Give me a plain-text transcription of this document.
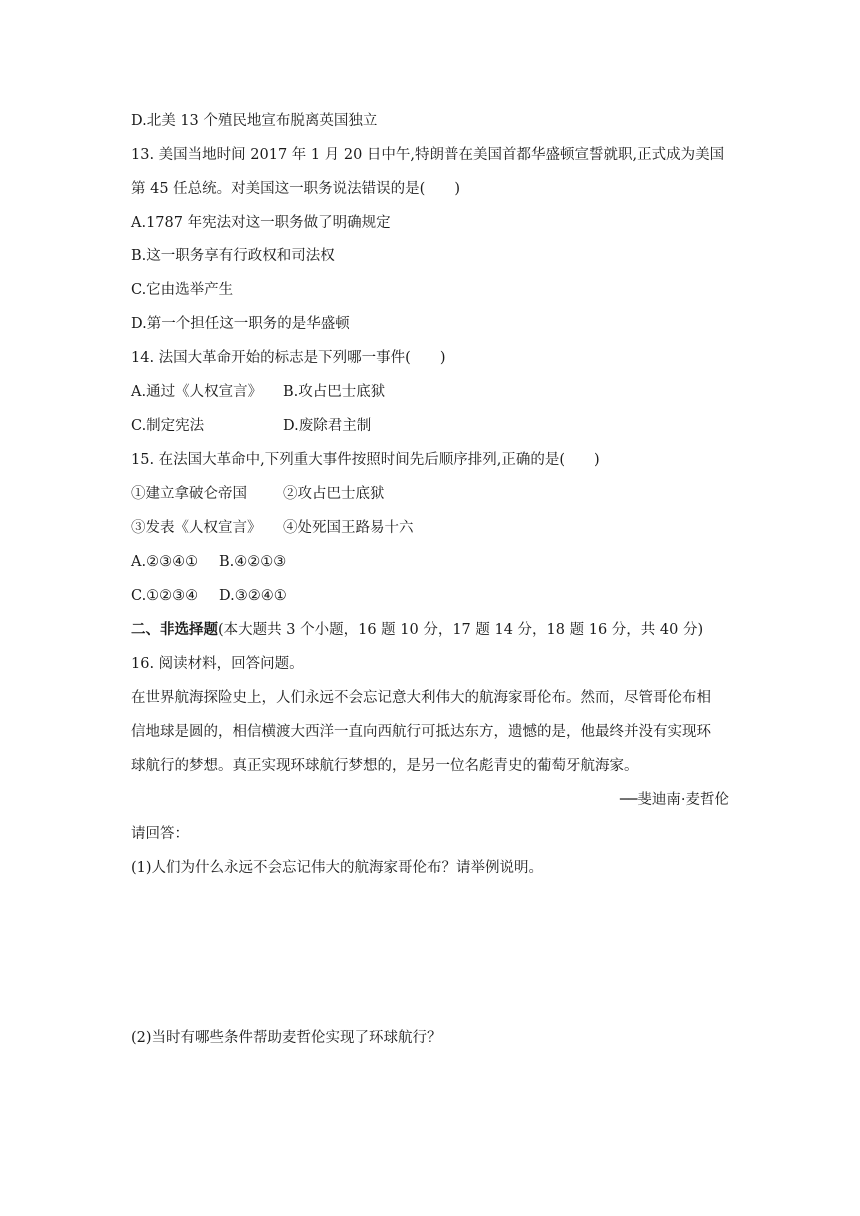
D.北美 13 个殖民地宣布脱离英国独立
13. 美国当地时间 2017 年 1 月 20 日中午,特朗普在美国首都华盛顿宣誓就职,正式成为美国
第 45 任总统。对美国这一职务说法错误的是(　　)
A.1787 年宪法对这一职务做了明确规定
B.这一职务享有行政权和司法权
C.它由选举产生
D.第一个担任这一职务的是华盛顿
14. 法国大革命开始的标志是下列哪一事件(　　)
A.通过《人权宣言》 B.攻占巴士底狱
C.制定宪法	D.废除君主制
15. 在法国大革命中,下列重大事件按照时间先后顺序排列,正确的是(　　)
①建立拿破仑帝国 ②攻占巴士底狱
③发表《人权宣言》 ④处死国王路易十六
A.②③④① B.④②①③
C.①②③④ D.③②④①
二、非选择题(本大题共 3 个小题，16 题 10 分，17 题 14 分，18 题 16 分，共 40 分)
16. 阅读材料，回答问题。
在世界航海探险史上，人们永远不会忘记意大利伟大的航海家哥伦布。然而，尽管哥伦布相
信地球是圆的，相信横渡大西洋一直向西航行可抵达东方，遗憾的是，他最终并没有实现环
球航行的梦想。真正实现环球航行梦想的，是另一位名彪青史的葡萄牙航海家。
──斐迪南·麦哲伦
请回答：
(1)人们为什么永远不会忘记伟大的航海家哥伦布？请举例说明。
(2)当时有哪些条件帮助麦哲伦实现了环球航行？
